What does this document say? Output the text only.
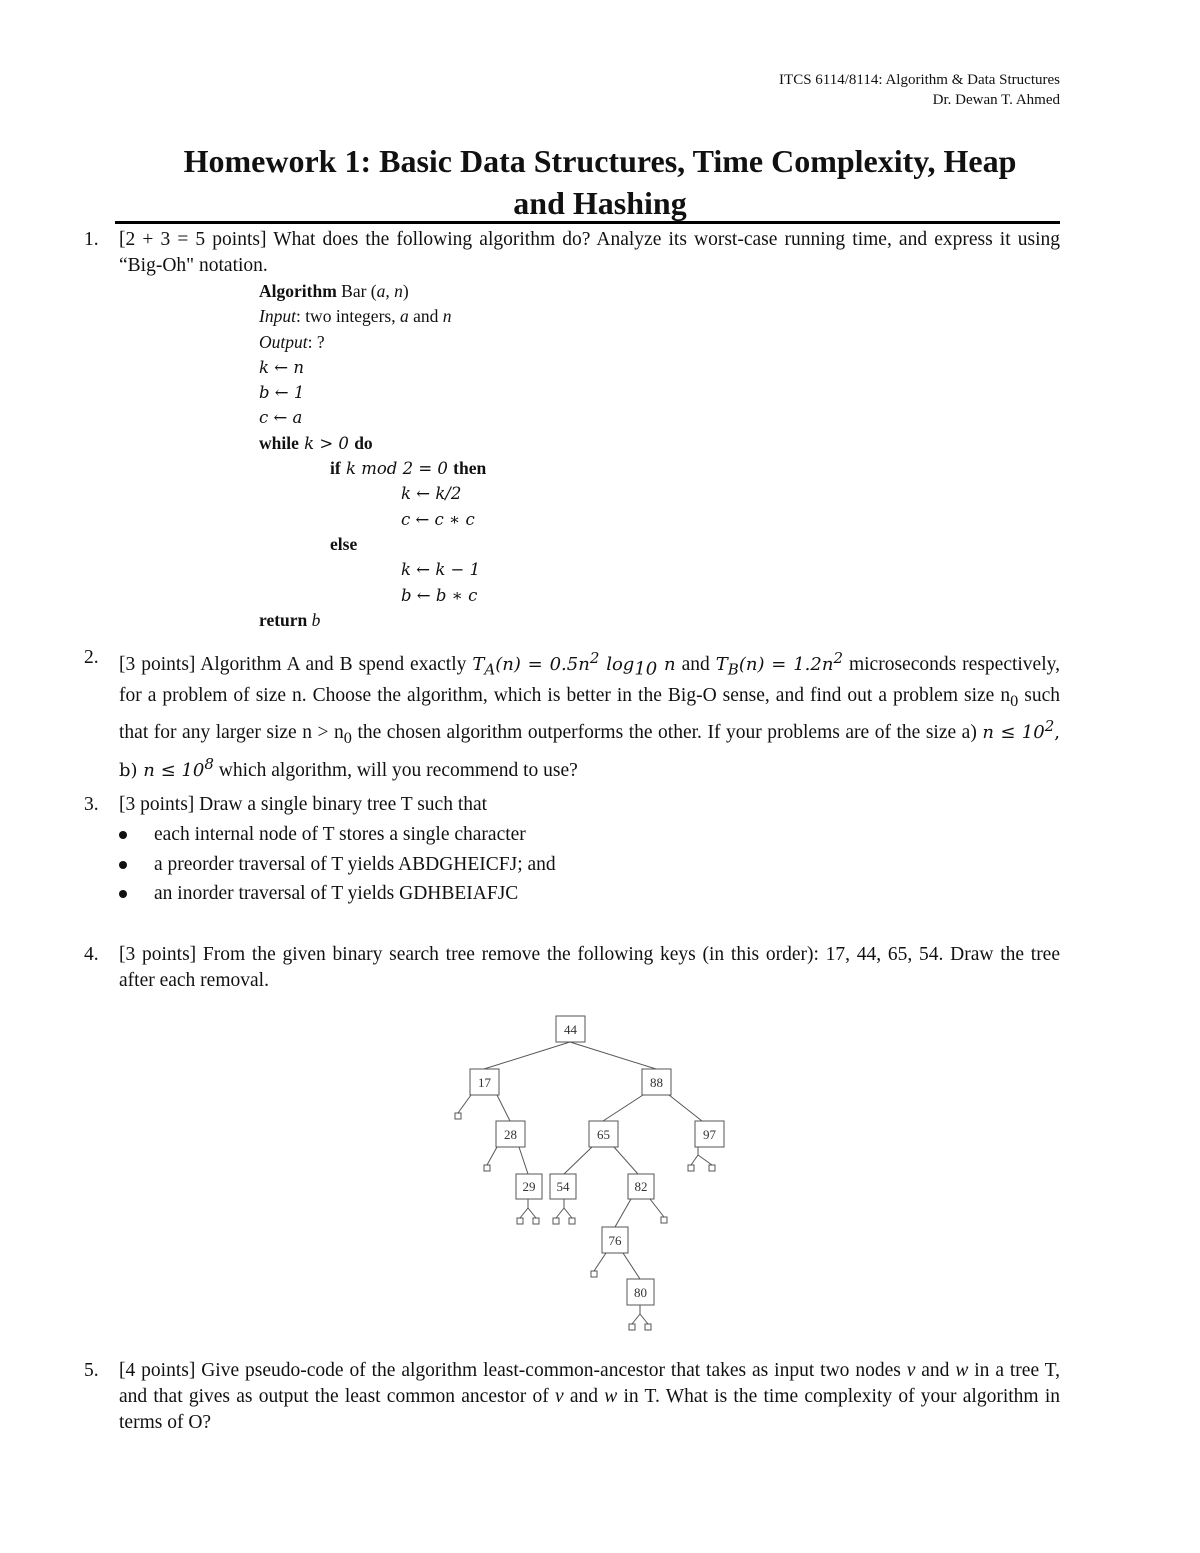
ITCS 6114/8114: Algorithm & Data Structures
Dr. Dewan T. Ahmed
Homework 1: Basic Data Structures, Time Complexity, Heap
and Hashing
1. [2 + 3 = 5 points] What does the following algorithm do? Analyze its worst-case running time, and express it using “Big-Oh" notation.
Algorithm Bar (a, n)
Input: two integers, a and n
Output: ?
k ← n
b ← 1
c ← a
while k > 0 do
if k mod 2 = 0 then
k ← k/2
c ← c ∗ c
else
k ← k − 1
b ← b ∗ c
return b
2. [3 points] Algorithm A and B spend exactly $T_A(n) = 0.5n^2$ $\log_{10} n$ and $T_B(n) = 1.2n^2$ microseconds respectively, for a problem of size n. Choose the algorithm, which is better in the Big-O sense, and find out a problem size $n_0$ such that for any larger size $n > n_0$ the chosen algorithm outperforms the other. If your problems are of the size a) $n \le 10^2$, b) $n \le 10^8$ which algorithm, will you recommend to use?
3. [3 points] Draw a single binary tree T such that
each internal node of T stores a single character
a preorder traversal of T yields ABDGHEICFJ; and
an inorder traversal of T yields GDHBEIAFJC
4. [3 points] From the given binary search tree remove the following keys (in this order): 17, 44, 65, 54. Draw the tree after each removal.
44
17	88
28	65	97
29 54	82
76
80
5. [4 points] Give pseudo-code of the algorithm least-common-ancestor that takes as input two nodes v and w in a tree T, and that gives as output the least common ancestor of v and w in T. What is the time complexity of your algorithm in terms of O?
